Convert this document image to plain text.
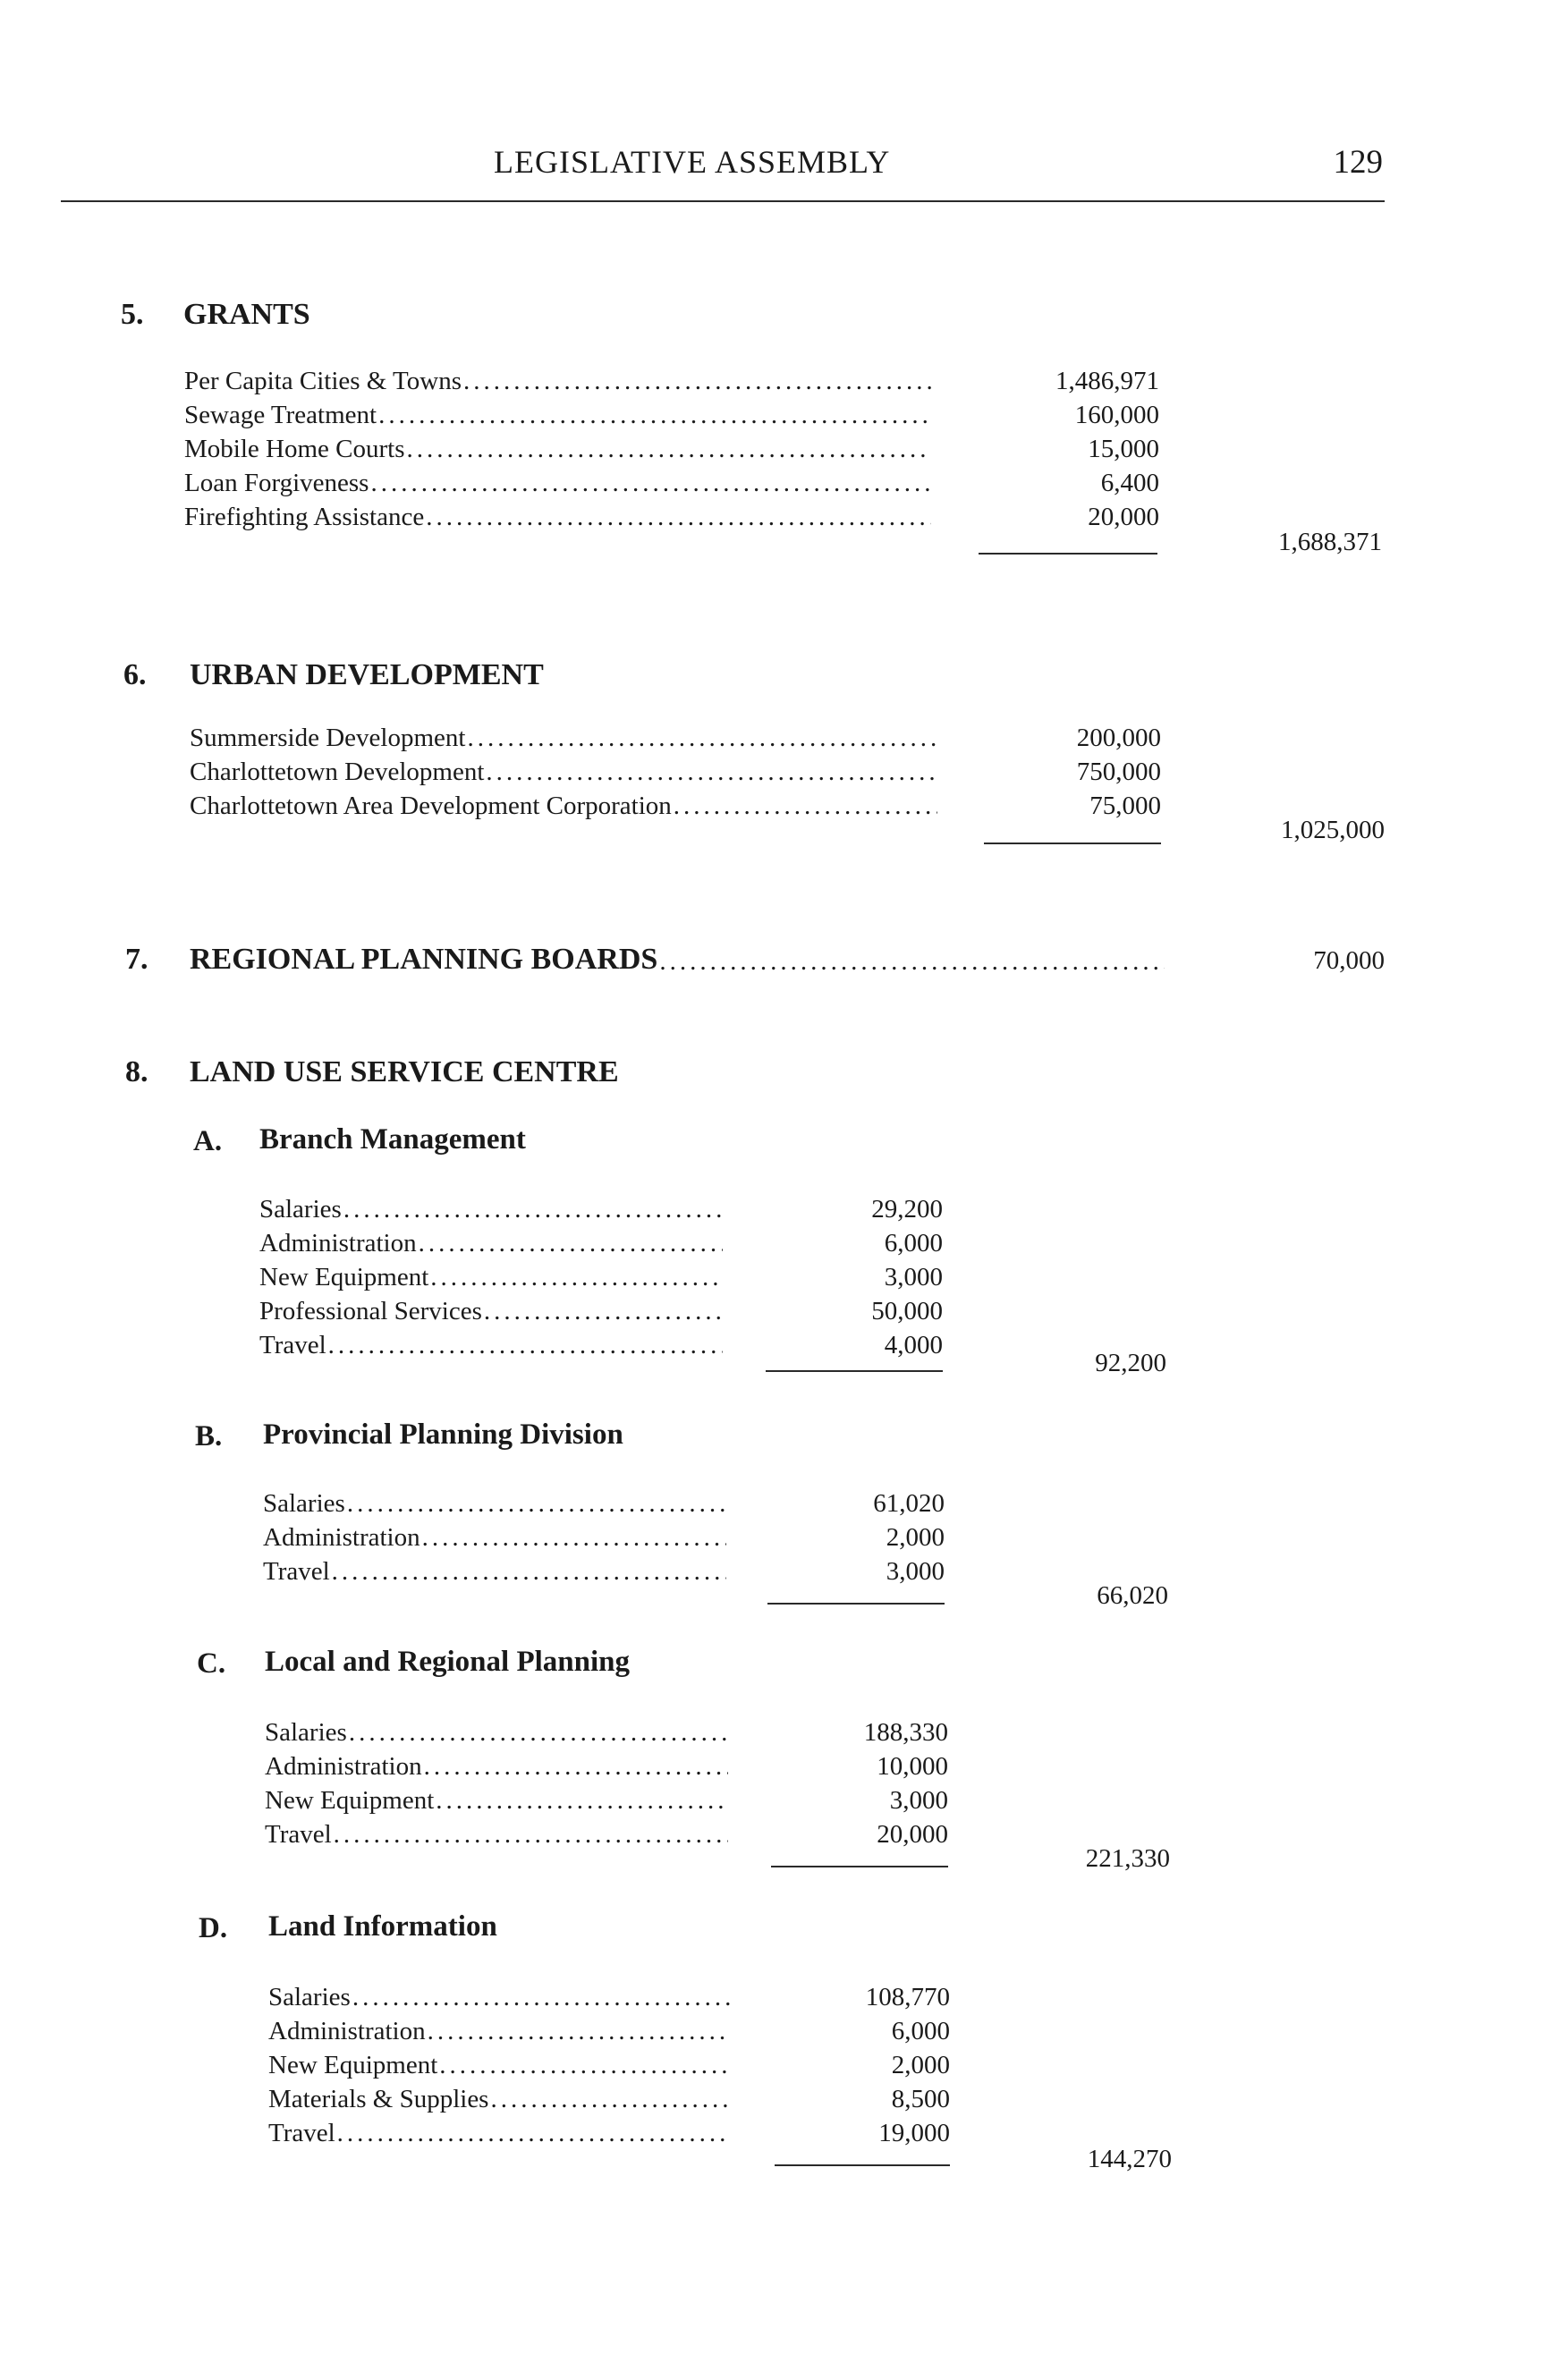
LEGISLATIVE ASSEMBLY	129
5. GRANTS
Per Capita Cities & Towns .....	1,486,971
Sewage Treatment .....	160,000
Mobile Home Courts .....	15,000
Loan Forgiveness .....	6,400
Firefighting Assistance .....	20,000
1,688,371
6. URBAN DEVELOPMENT
Summerside Development .....	200,000
Charlottetown Development .....	750,000
Charlottetown Area Development Corporation .....	75,000
1,025,000
7. REGIONAL PLANNING BOARDS .....	70,000
8. LAND USE SERVICE CENTRE
A. Branch Management
Salaries .....	29,200
Administration .....	6,000
New Equipment .....	3,000
Professional Services .....	50,000
Travel .....	4,000
92,200
B. Provincial Planning Division
Salaries .....	61,020
Administration .....	2,000
Travel .....	3,000
66,020
C. Local and Regional Planning
Salaries .....	188,330
Administration .....	10,000
New Equipment .....	3,000
Travel .....	20,000
221,330
D. Land Information
Salaries .....	108,770
Administration .....	6,000
New Equipment .....	2,000
Materials & Supplies .....	8,500
Travel .....	19,000
144,270
